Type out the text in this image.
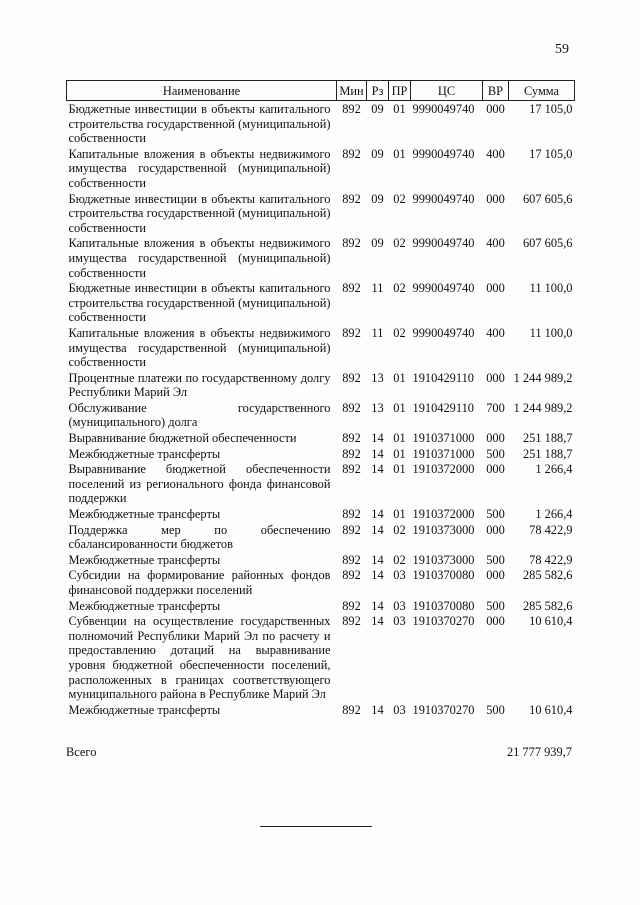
59
Наименование	Мин	Рз	ПР	ЦС	ВР	Сумма
Бюджетные инвестиции в объекты капитального строительства государственной (муниципальной) собственности	892	09	01	9990049740	000	17 105,0
Капитальные вложения в объекты недвижимого имущества государственной (муниципальной) собственности	892	09	01	9990049740	400	17 105,0
Бюджетные инвестиции в объекты капитального строительства государственной (муниципальной) собственности	892	09	02	9990049740	000	607 605,6
Капитальные вложения в объекты недвижимого имущества государственной (муниципальной) собственности	892	09	02	9990049740	400	607 605,6
Бюджетные инвестиции в объекты капитального строительства государственной (муниципальной) собственности	892	11	02	9990049740	000	11 100,0
Капитальные вложения в объекты недвижимого имущества государственной (муниципальной) собственности	892	11	02	9990049740	400	11 100,0
Процентные платежи по государственному долгу Республики Марий Эл	892	13	01	1910429110	000	1 244 989,2
Обслуживание государственного (муниципального) долга	892	13	01	1910429110	700	1 244 989,2
Выравнивание бюджетной обеспеченности	892	14	01	1910371000	000	251 188,7
Межбюджетные трансферты	892	14	01	1910371000	500	251 188,7
Выравнивание бюджетной обеспеченности поселений из регионального фонда финансовой поддержки	892	14	01	1910372000	000	1 266,4
Межбюджетные трансферты	892	14	01	1910372000	500	1 266,4
Поддержка мер по обеспечению сбалансированности бюджетов	892	14	02	1910373000	000	78 422,9
Межбюджетные трансферты	892	14	02	1910373000	500	78 422,9
Субсидии на формирование районных фондов финансовой поддержки поселений	892	14	03	1910370080	000	285 582,6
Межбюджетные трансферты	892	14	03	1910370080	500	285 582,6
Субвенции на осуществление государственных полномочий Республики Марий Эл по расчету и предоставлению дотаций на выравнивание уровня бюджетной обеспеченности поселений, расположенных в границах соответствующего муниципального района в Республике Марий Эл	892	14	03	1910370270	000	10 610,4
Межбюджетные трансферты	892	14	03	1910370270	500	10 610,4
Всего	21 777 939,7
